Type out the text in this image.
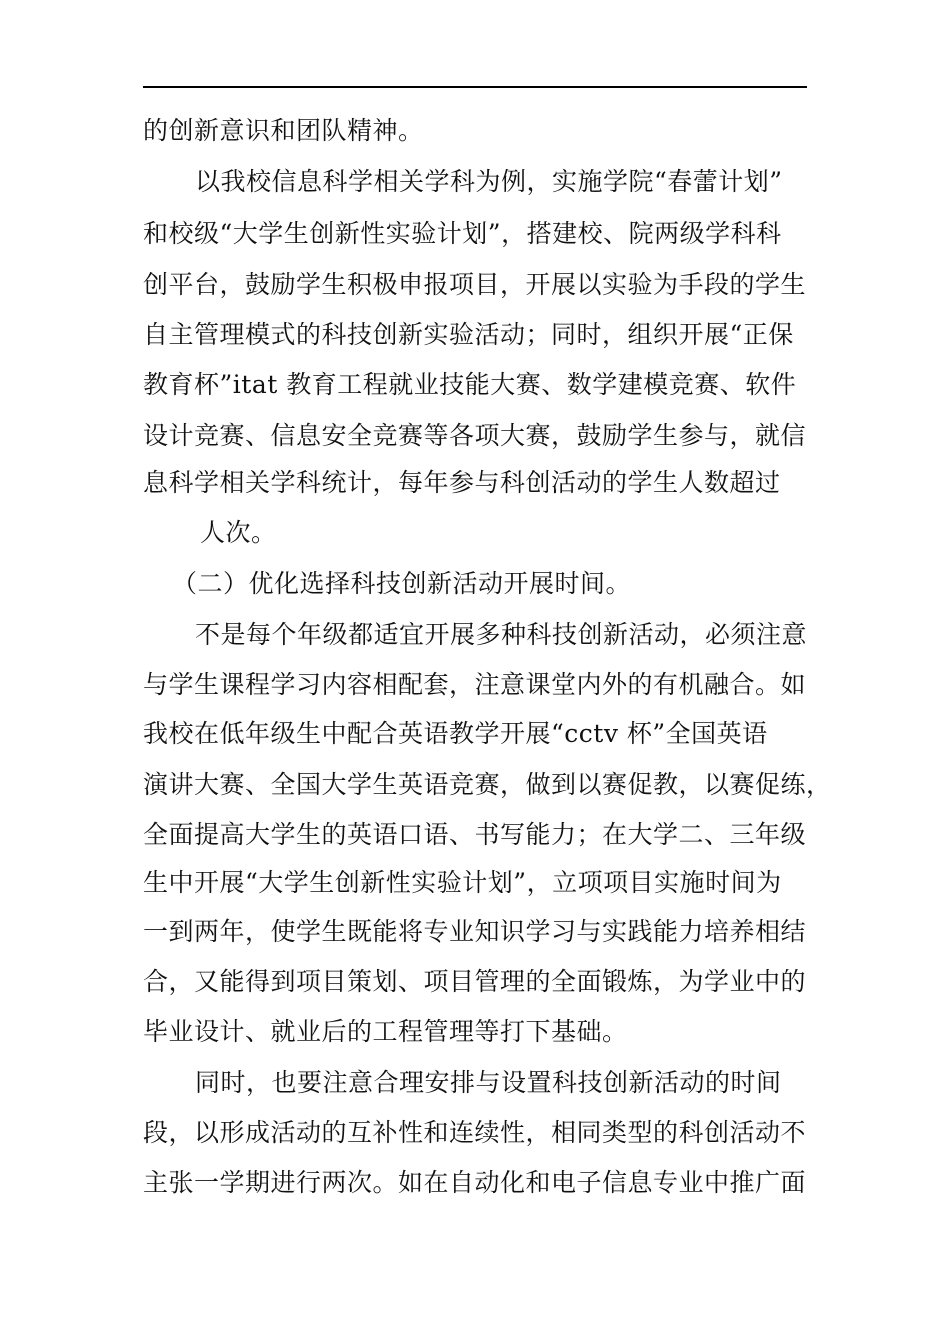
的创新意识和团队精神。
以我校信息科学相关学科为例，实施学院“春蕾计划”
和校级“大学生创新性实验计划”，搭建校、院两级学科科
创平台，鼓励学生积极申报项目，开展以实验为手段的学生
自主管理模式的科技创新实验活动；同时，组织开展“正保
教育杯”itat 教育工程就业技能大赛、数学建模竞赛、软件
设计竞赛、信息安全竞赛等各项大赛，鼓励学生参与，就信
息科学相关学科统计，每年参与科创活动的学生人数超过
人次。
（二）优化选择科技创新活动开展时间。
不是每个年级都适宜开展多种科技创新活动，必须注意
与学生课程学习内容相配套，注意课堂内外的有机融合。如
我校在低年级生中配合英语教学开展“cctv 杯”全国英语
演讲大赛、全国大学生英语竞赛，做到以赛促教，以赛促练，
全面提高大学生的英语口语、书写能力；在大学二、三年级
生中开展“大学生创新性实验计划”，立项项目实施时间为
一到两年，使学生既能将专业知识学习与实践能力培养相结
合，又能得到项目策划、项目管理的全面锻炼，为学业中的
毕业设计、就业后的工程管理等打下基础。
同时，也要注意合理安排与设置科技创新活动的时间
段，以形成活动的互补性和连续性，相同类型的科创活动不
主张一学期进行两次。如在自动化和电子信息专业中推广面
